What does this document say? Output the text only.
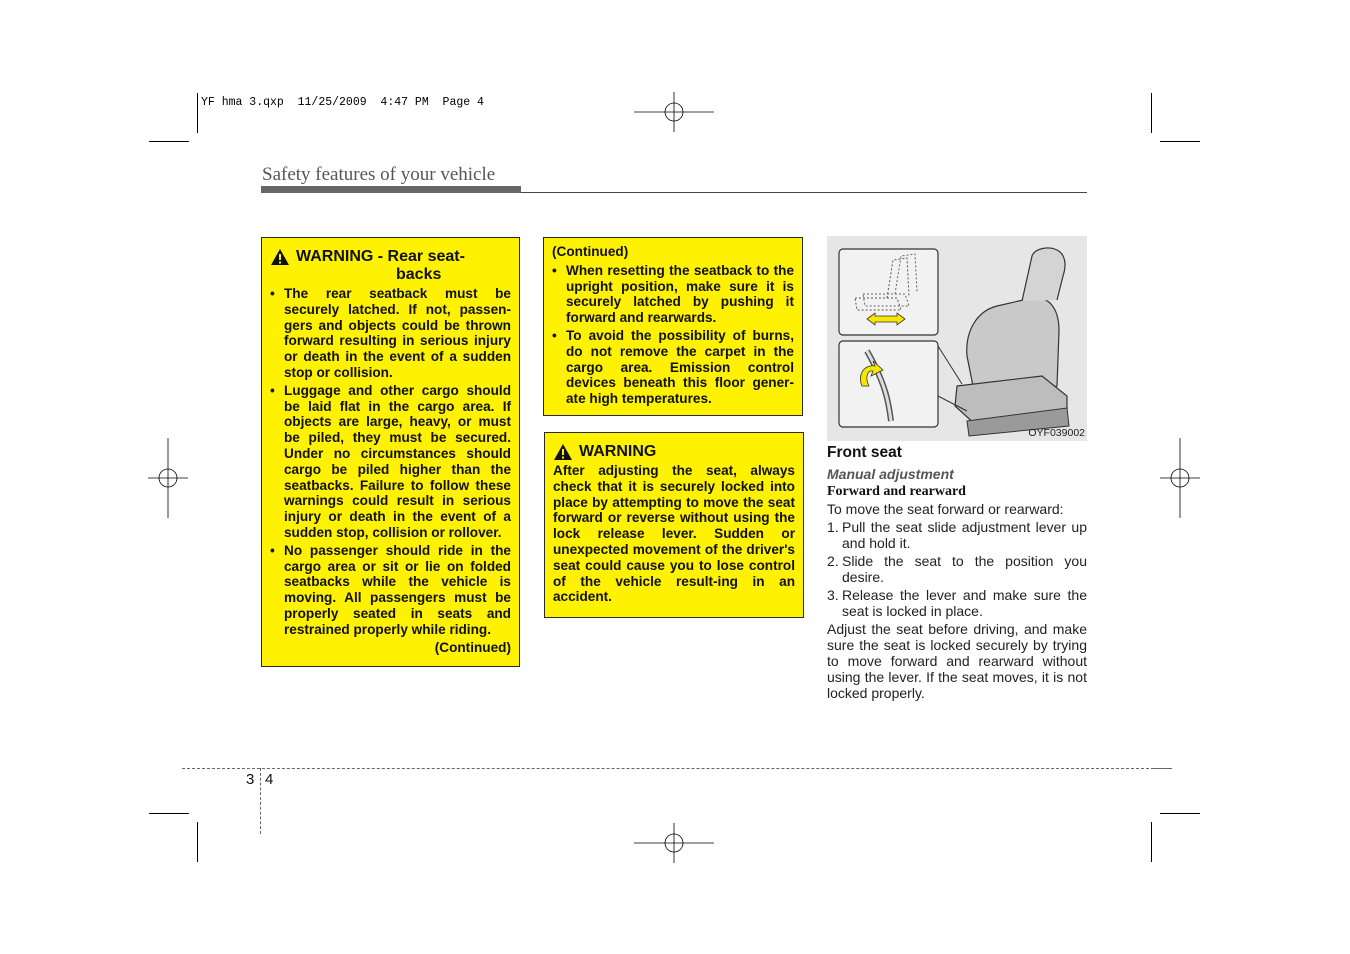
YF hma 3.qxp  11/25/2009  4:47 PM  Page 4
Safety features of your vehicle
WARNING - Rear seat-
backs
• The rear seatback must be securely latched. If not, passen-gers and objects could be thrown forward resulting in serious injury or death in the event of a sudden stop or collision.
• Luggage and other cargo should be laid flat in the cargo area. If objects are large, heavy, or must be piled, they must be secured. Under no circumstances should cargo be piled higher than the seatbacks. Failure to follow these warnings could result in serious injury or death in the event of a sudden stop, collision or rollover.
• No passenger should ride in the cargo area or sit or lie on folded seatbacks while the vehicle is moving. All passengers must be properly seated in seats and restrained properly while riding.
(Continued)
(Continued)
• When resetting the seatback to the upright position, make sure it is securely latched by pushing it forward and rearwards.
• To avoid the possibility of burns, do not remove the carpet in the cargo area. Emission control devices beneath this floor gener-ate high temperatures.
WARNING
After adjusting the seat, always check that it is securely locked into place by attempting to move the seat forward or reverse without using the lock release lever. Sudden or unexpected movement of the driver's seat could cause you to lose control of the vehicle result-ing in an accident.
OYF039002
Front seat
Manual adjustment
Forward and rearward
To move the seat forward or rearward:
1. Pull the seat slide adjustment lever up and hold it.
2. Slide the seat to the position you desire.
3. Release the lever and make sure the seat is locked in place.

Adjust the seat before driving, and make sure the seat is locked securely by trying to move forward and rearward without using the lever. If the seat moves, it is not locked properly.

3 4
